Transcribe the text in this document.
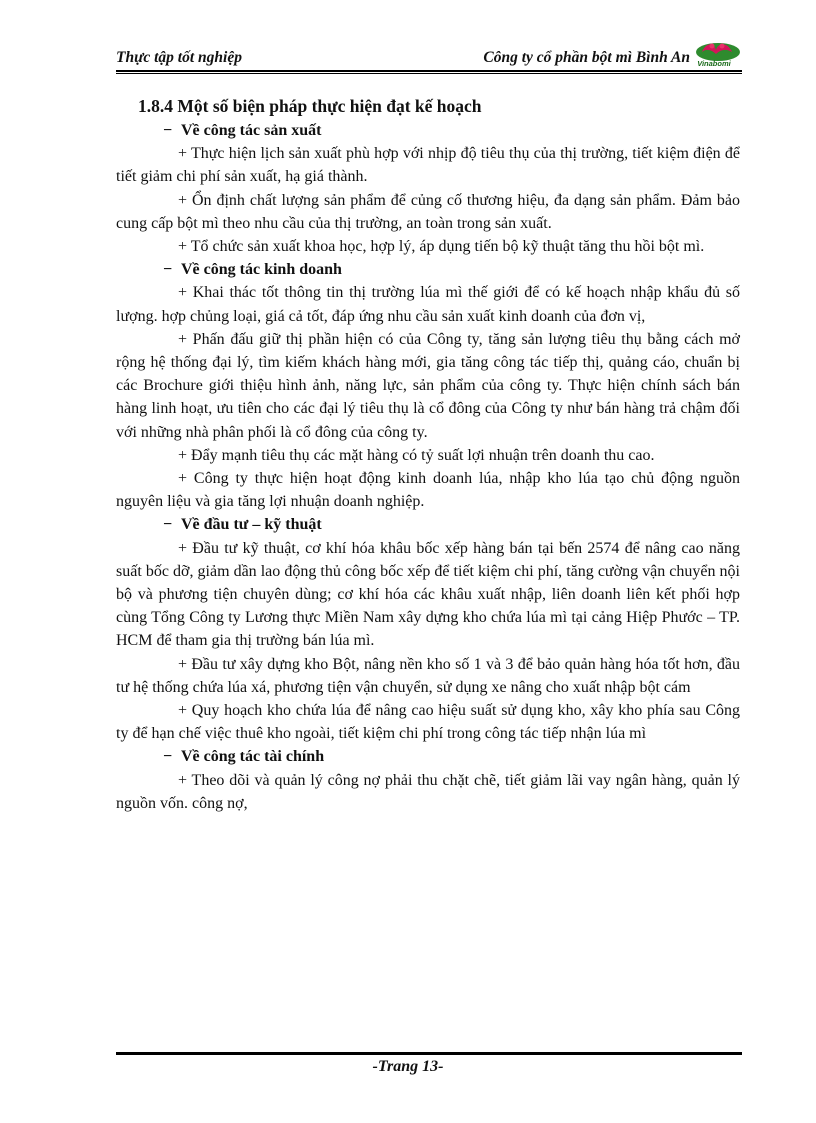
Thực tập tốt nghiệp	Công ty cổ phần bột mì Bình An Vinabomi
1.8.4 Một số biện pháp thực hiện đạt kế hoạch
− Về công tác sản xuất

+ Thực hiện lịch sản xuất phù hợp với nhịp độ tiêu thụ của thị trường, tiết kiệm điện để tiết giảm chi phí sản xuất, hạ giá thành.

+ Ổn định chất lượng sản phẩm để củng cố thương hiệu, đa dạng sản phẩm. Đảm bảo cung cấp bột mì theo nhu cầu của thị trường, an toàn trong sản xuất.

+ Tổ chức sản xuất khoa học, hợp lý, áp dụng tiến bộ kỹ thuật tăng thu hồi bột mì.

− Về công tác kinh doanh

+ Khai thác tốt thông tin thị trường lúa mì thế giới để có kế hoạch nhập khẩu đủ số lượng. hợp chủng loại, giá cả tốt, đáp ứng nhu cầu sản xuất kinh doanh của đơn vị,

+ Phấn đấu giữ thị phần hiện có của Công ty, tăng sản lượng tiêu thụ bằng cách mở rộng hệ thống đại lý, tìm kiếm khách hàng mới, gia tăng công tác tiếp thị, quảng cáo, chuẩn bị các Brochure giới thiệu hình ảnh, năng lực, sản phẩm của công ty. Thực hiện chính sách bán hàng linh hoạt, ưu tiên cho các đại lý tiêu thụ là cổ đông của Công ty như bán hàng trả chậm đối với những nhà phân phối là cổ đông của công ty.

+ Đẩy mạnh tiêu thụ các mặt hàng có tỷ suất lợi nhuận trên doanh thu cao.

+ Công ty thực hiện hoạt động kinh doanh lúa, nhập kho lúa tạo chủ động nguồn nguyên liệu và gia tăng lợi nhuận doanh nghiệp.

− Về đầu tư – kỹ thuật

+ Đầu tư kỹ thuật, cơ khí hóa khâu bốc xếp hàng bán tại bến 2574 để nâng cao năng suất bốc dỡ, giảm dần lao động thủ công bốc xếp để tiết kiệm chi phí, tăng cường vận chuyển nội bộ và phương tiện chuyên dùng; cơ khí hóa các khâu xuất nhập, liên doanh liên kết phối hợp cùng Tổng Công ty Lương thực Miền Nam xây dựng kho chứa lúa mì tại cảng Hiệp Phước – TP. HCM để tham gia thị trường bán lúa mì.

+ Đầu tư xây dựng kho Bột, nâng nền kho số 1 và 3 để bảo quản hàng hóa tốt hơn, đầu tư hệ thống chứa lúa xá, phương tiện vận chuyển, sử dụng xe nâng cho xuất nhập bột cám

+ Quy hoạch kho chứa lúa để nâng cao hiệu suất sử dụng kho, xây kho phía sau Công ty để hạn chế việc thuê kho ngoài, tiết kiệm chi phí trong công tác tiếp nhận lúa mì

− Về công tác tài chính

+ Theo dõi và quản lý công nợ phải thu chặt chẽ, tiết giảm lãi vay ngân hàng, quản lý nguồn vốn. công nợ,

-Trang 13-
